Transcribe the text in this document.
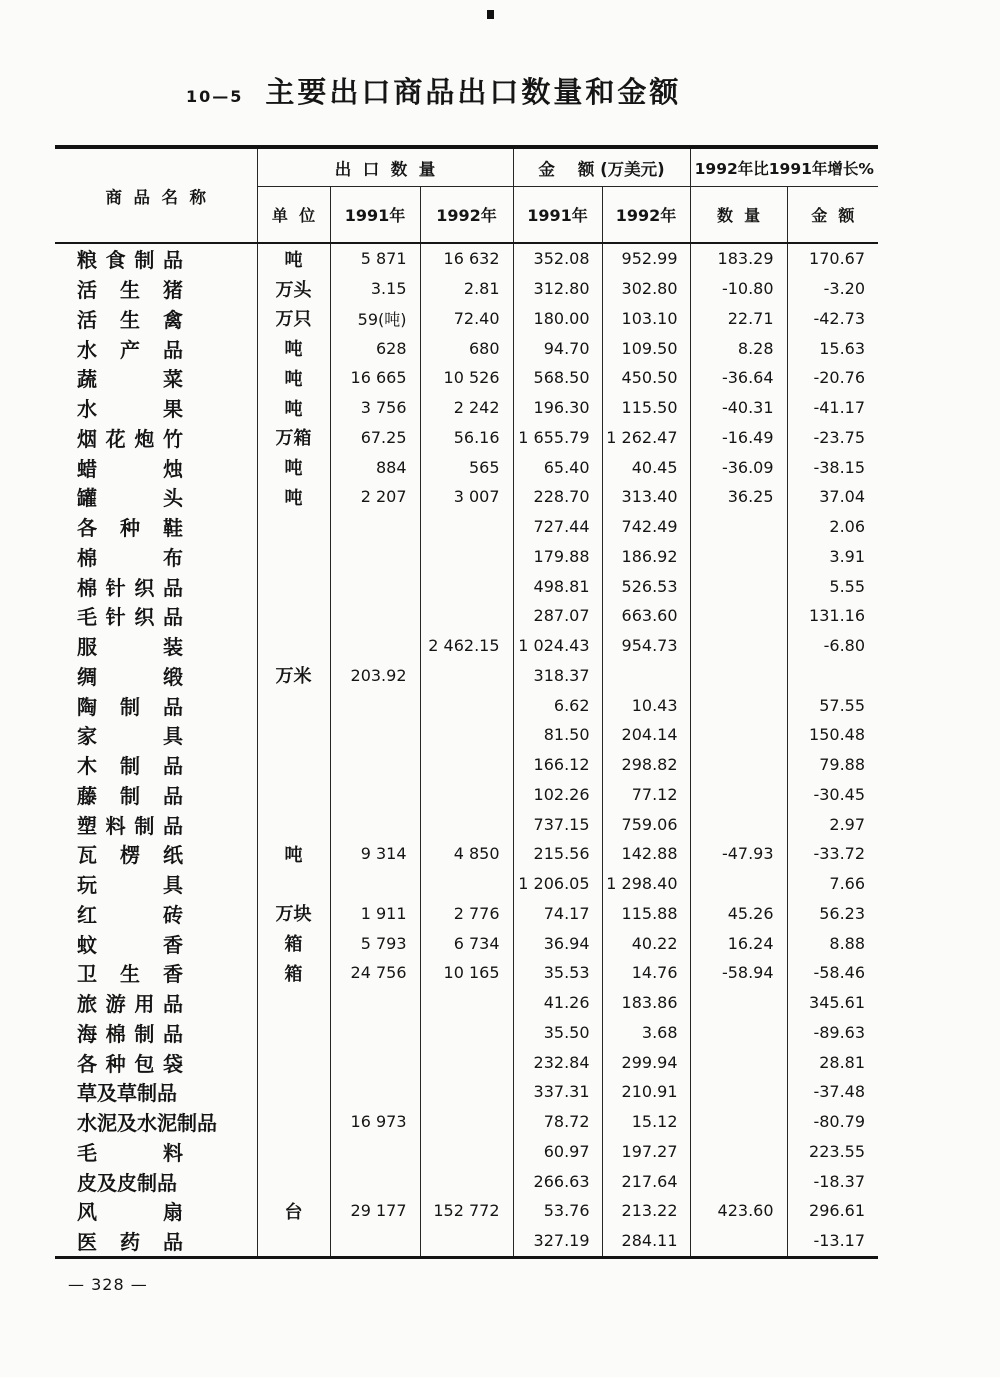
10—5 主要出口商品出口数量和金额
商  品  名  称	出  口  数  量			金    额 (万美元)		1992年比1991年增长%	
	单  位	1991年	1992年	1991年	1992年	数  量	金  额
粮食制品	吨	5 871	16 632	352.08	952.99	183.29	170.67
活生猪	万头	3.15	2.81	312.80	302.80	-10.80	-3.20
活生禽	万只	59(吨)	72.40	180.00	103.10	22.71	-42.73
水产品	吨	628	680	94.70	109.50	8.28	15.63
蔬菜	吨	16 665	10 526	568.50	450.50	-36.64	-20.76
水果	吨	3 756	2 242	196.30	115.50	-40.31	-41.17
烟花炮竹	万箱	67.25	56.16	1 655.79	1 262.47	-16.49	-23.75
蜡烛	吨	884	565	65.40	40.45	-36.09	-38.15
罐头	吨	2 207	3 007	228.70	313.40	36.25	37.04
各种鞋				727.44	742.49		2.06
棉布				179.88	186.92		3.91
棉针织品				498.81	526.53		5.55
毛针织品				287.07	663.60		131.16
服装			2 462.15	1 024.43	954.73		-6.80
绸缎	万米	203.92		318.37			
陶制品				6.62	10.43		57.55
家具				81.50	204.14		150.48
木制品				166.12	298.82		79.88
藤制品				102.26	77.12		-30.45
塑料制品				737.15	759.06		2.97
瓦楞纸	吨	9 314	4 850	215.56	142.88	-47.93	-33.72
玩具				1 206.05	1 298.40		7.66
红砖	万块	1 911	2 776	74.17	115.88	45.26	56.23
蚊香	箱	5 793	6 734	36.94	40.22	16.24	8.88
卫生香	箱	24 756	10 165	35.53	14.76	-58.94	-58.46
旅游用品				41.26	183.86		345.61
海棉制品				35.50	3.68		-89.63
各种包袋				232.84	299.94		28.81
草及草制品				337.31	210.91		-37.48
水泥及水泥制品		16 973		78.72	15.12		-80.79
毛料				60.97	197.27		223.55
皮及皮制品				266.63	217.64		-18.37
风扇	台	29 177	152 772	53.76	213.22	423.60	296.61
医药品				327.19	284.11		-13.17
— 328 —
